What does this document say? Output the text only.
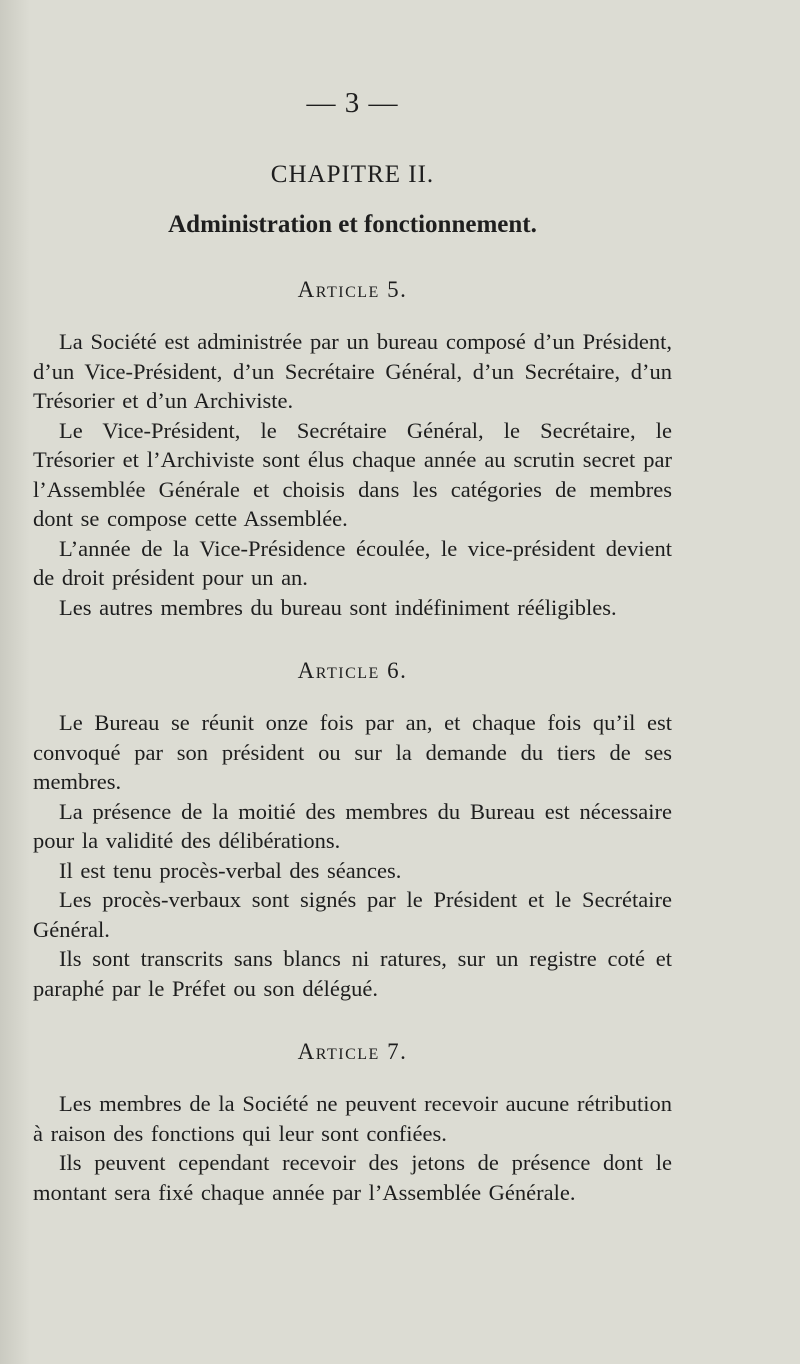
— 3 —
CHAPITRE II.
Administration et fonctionnement.
Article 5.

La Société est administrée par un bureau composé d’un Président, d’un Vice-Président, d’un Secrétaire Général, d’un Secrétaire, d’un Trésorier et d’un Archiviste.

Le Vice-Président, le Secrétaire Général, le Secrétaire, le Trésorier et l’Archiviste sont élus chaque année au scrutin secret par l’Assemblée Générale et choisis dans les catégories de membres dont se compose cette Assemblée.

L’année de la Vice-Présidence écoulée, le vice-président devient de droit président pour un an.

Les autres membres du bureau sont indéfiniment rééligibles.

Article 6.

Le Bureau se réunit onze fois par an, et chaque fois qu’il est convoqué par son président ou sur la demande du tiers de ses membres.

La présence de la moitié des membres du Bureau est nécessaire pour la validité des délibérations.

Il est tenu procès-verbal des séances.

Les procès-verbaux sont signés par le Président et le Secrétaire Général.

Ils sont transcrits sans blancs ni ratures, sur un registre coté et paraphé par le Préfet ou son délégué.

Article 7.

Les membres de la Société ne peuvent recevoir aucune rétribution à raison des fonctions qui leur sont confiées.

Ils peuvent cependant recevoir des jetons de présence dont le montant sera fixé chaque année par l’Assemblée Générale.
